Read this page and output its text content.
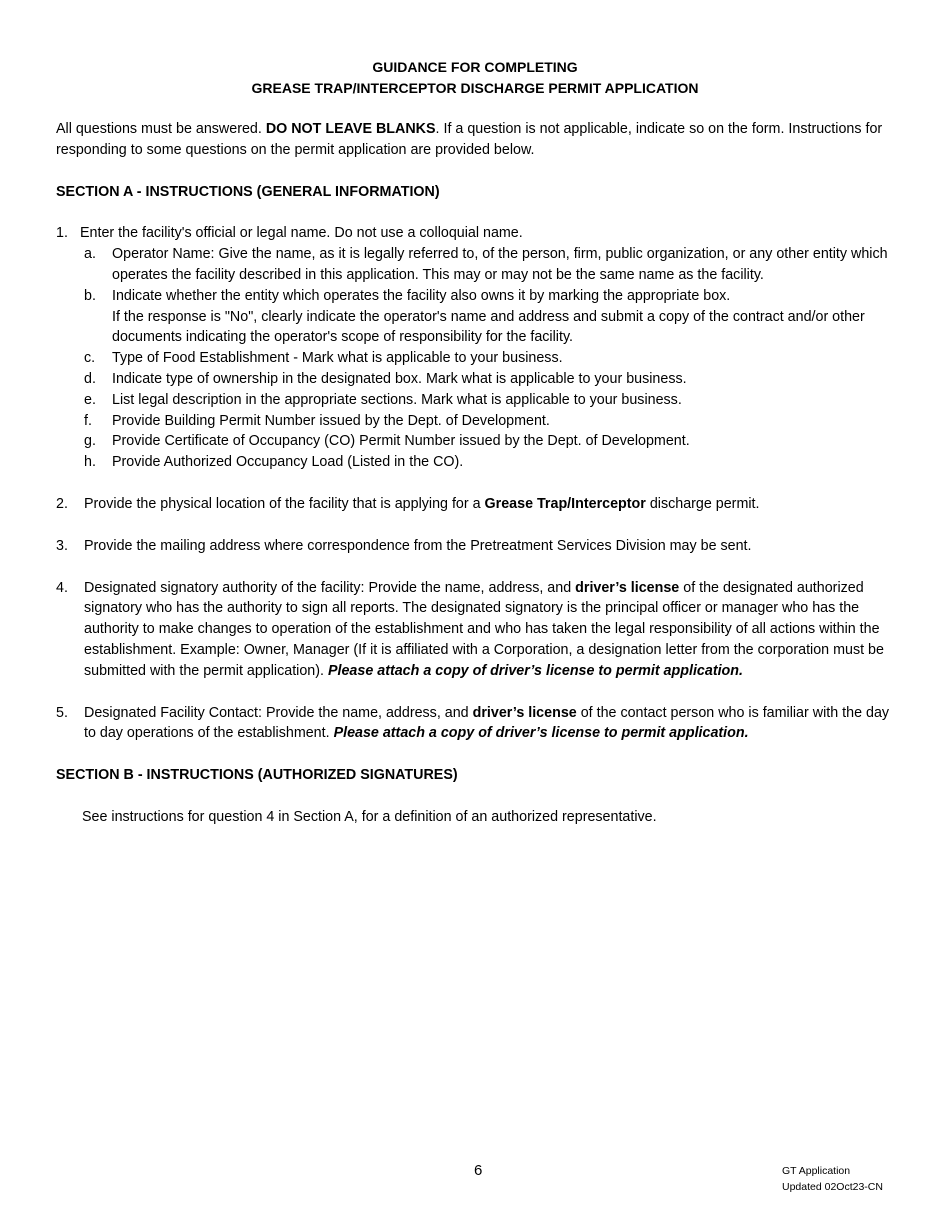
GUIDANCE FOR COMPLETING
GREASE TRAP/INTERCEPTOR DISCHARGE PERMIT APPLICATION

All questions must be answered. DO NOT LEAVE BLANKS. If a question is not applicable, indicate so on the form. Instructions for responding to some questions on the permit application are provided below.

SECTION A - INSTRUCTIONS (GENERAL INFORMATION)

1. Enter the facility's official or legal name. Do not use a colloquial name.

a. Operator Name: Give the name, as it is legally referred to, of the person, firm, public organization, or any other entity which operates the facility described in this application. This may or may not be the same name as the facility.

b. Indicate whether the entity which operates the facility also owns it by marking the appropriate box.

If the response is "No", clearly indicate the operator's name and address and submit a copy of the contract and/or other documents indicating the operator's scope of responsibility for the facility.

c. Type of Food Establishment - Mark what is applicable to your business.

d. Indicate type of ownership in the designated box. Mark what is applicable to your business.

e. List legal description in the appropriate sections. Mark what is applicable to your business.

f. Provide Building Permit Number issued by the Dept. of Development.

g. Provide Certificate of Occupancy (CO) Permit Number issued by the Dept. of Development.

h. Provide Authorized Occupancy Load (Listed in the CO).

2. Provide the physical location of the facility that is applying for a Grease Trap/Interceptor discharge permit.

3. Provide the mailing address where correspondence from the Pretreatment Services Division may be sent.

4. Designated signatory authority of the facility: Provide the name, address, and driver’s license of the designated authorized signatory who has the authority to sign all reports. The designated signatory is the principal officer or manager who has the authority to make changes to operation of the establishment and who has taken the legal responsibility of all actions within the establishment. Example: Owner, Manager (If it is affiliated with a Corporation, a designation letter from the corporation must be submitted with the permit application). Please attach a copy of driver’s license to permit application.

5. Designated Facility Contact: Provide the name, address, and driver’s license of the contact person who is familiar with the day to day operations of the establishment. Please attach a copy of driver’s license to permit application.

SECTION B - INSTRUCTIONS (AUTHORIZED SIGNATURES)

See instructions for question 4 in Section A, for a definition of an authorized representative.

6	GT Application
Updated 02Oct23-CN
